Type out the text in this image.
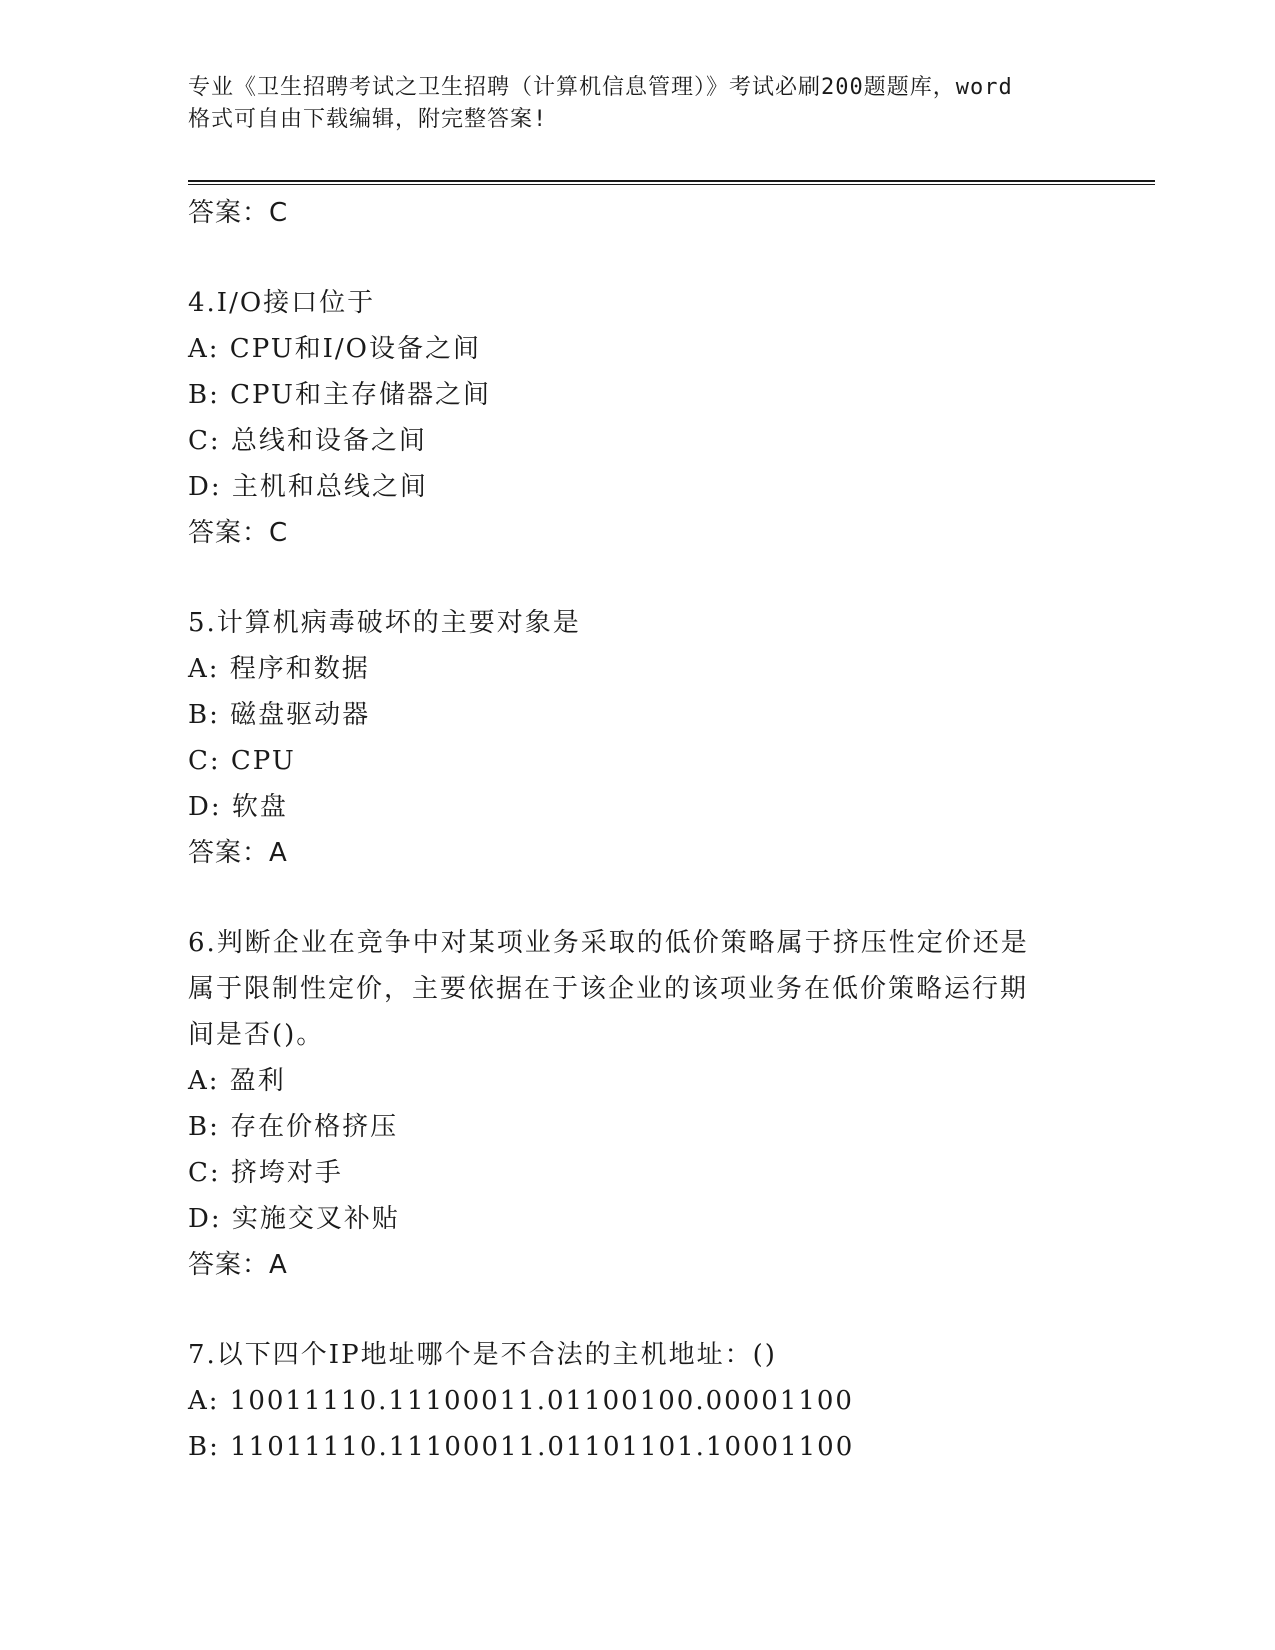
专业《卫生招聘考试之卫生招聘（计算机信息管理）》考试必刷200题题库，word
格式可自由下载编辑，附完整答案!
答案：C
4.I/O接口位于
A: CPU和I/O设备之间
B: CPU和主存储器之间
C: 总线和设备之间
D: 主机和总线之间
答案：C
5.计算机病毒破坏的主要对象是
A: 程序和数据
B: 磁盘驱动器
C: CPU
D: 软盘
答案：A
6.判断企业在竞争中对某项业务采取的低价策略属于挤压性定价还是
属于限制性定价，主要依据在于该企业的该项业务在低价策略运行期
间是否()。
A: 盈利
B: 存在价格挤压
C: 挤垮对手
D: 实施交叉补贴
答案：A
7.以下四个IP地址哪个是不合法的主机地址：()
A: 10011110.11100011.01100100.00001100
B: 11011110.11100011.01101101.10001100
